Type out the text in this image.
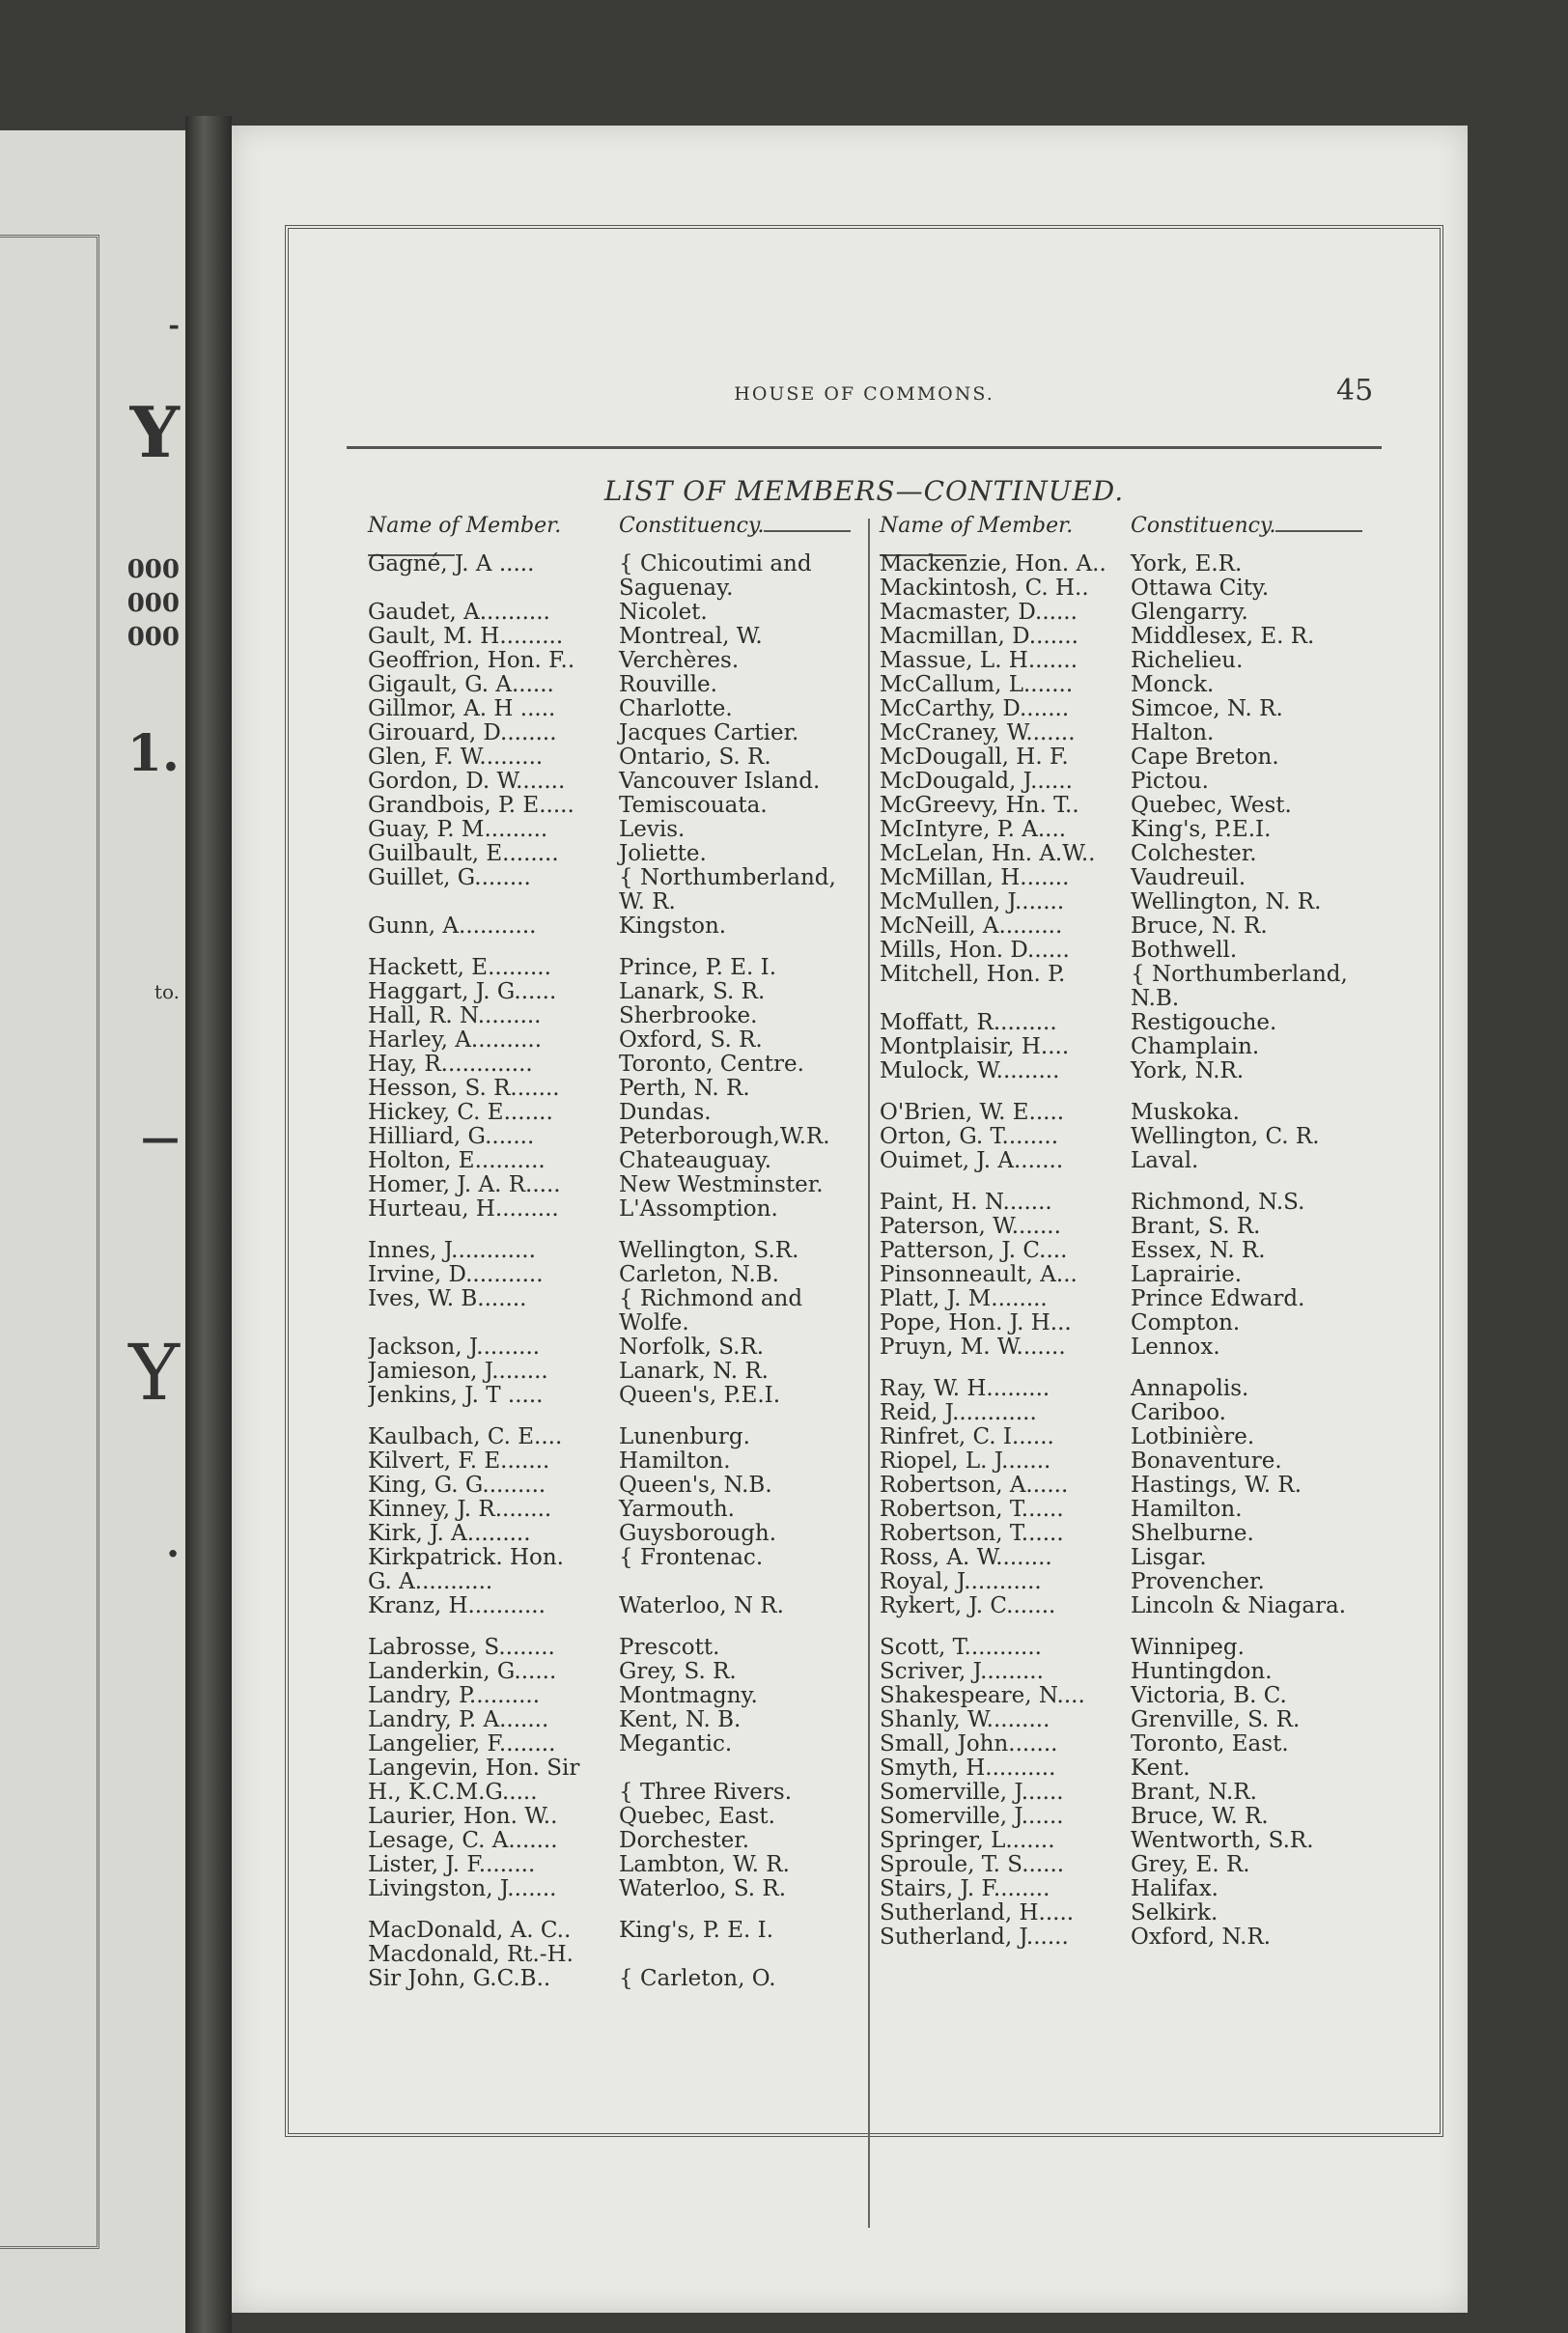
-
Y
000
000
000
1.
to.
—
Y
.
HOUSE OF COMMONS.	45
LIST OF MEMBERS—CONTINUED.
Name of Member.	Constituency.
Gagné, J. A .....	{ Chicoutimi and
Saguenay.
Gaudet, A..........	Nicolet.
Gault, M. H.........	Montreal, W.
Geoffrion, Hon. F..	Verchères.
Gigault, G. A......	Rouville.
Gillmor, A. H .....	Charlotte.
Girouard, D........	Jacques Cartier.
Glen, F. W.........	Ontario, S. R.
Gordon, D. W.......	Vancouver Island.
Grandbois, P. E.....	Temiscouata.
Guay, P. M.........	Levis.
Guilbault, E........	Joliette.
Guillet, G........	{ Northumberland,
W. R.
Gunn, A...........	Kingston.
Hackett, E.........	Prince, P. E. I.
Haggart, J. G......	Lanark, S. R.
Hall, R. N.........	Sherbrooke.
Harley, A..........	Oxford, S. R.
Hay, R.............	Toronto, Centre.
Hesson, S. R.......	Perth, N. R.
Hickey, C. E.......	Dundas.
Hilliard, G.......	Peterborough,W.R.
Holton, E..........	Chateauguay.
Homer, J. A. R.....	New Westminster.
Hurteau, H.........	L'Assomption.
Innes, J............	Wellington, S.R.
Irvine, D...........	Carleton, N.B.
Ives, W. B.......	{ Richmond and
Wolfe.
Jackson, J.........	Norfolk, S.R.
Jamieson, J........	Lanark, N. R.
Jenkins, J. T .....	Queen's, P.E.I.
Kaulbach, C. E....	Lunenburg.
Kilvert, F. E.......	Hamilton.
King, G. G.........	Queen's, N.B.
Kinney, J. R........	Yarmouth.
Kirk, J. A.........	Guysborough.
Kirkpatrick. Hon.	{ Frontenac.
G. A...........
Kranz, H...........	Waterloo, N R.
Labrosse, S........	Prescott.
Landerkin, G......	Grey, S. R.
Landry, P..........	Montmagny.
Landry, P. A.......	Kent, N. B.
Langelier, F........	Megantic.
Langevin, Hon. Sir
H., K.C.M.G.....	{ Three Rivers.
Laurier, Hon. W..	Quebec, East.
Lesage, C. A.......	Dorchester.
Lister, J. F........	Lambton, W. R.
Livingston, J.......	Waterloo, S. R.
MacDonald, A. C..	King's, P. E. I.
Macdonald, Rt.-H.
Sir John, G.C.B..	{ Carleton, O.
Name of Member.	Constituency.
Mackenzie, Hon. A..	York, E.R.
Mackintosh, C. H..	Ottawa City.
Macmaster, D......	Glengarry.
Macmillan, D.......	Middlesex, E. R.
Massue, L. H.......	Richelieu.
McCallum, L.......	Monck.
McCarthy, D.......	Simcoe, N. R.
McCraney, W.......	Halton.
McDougall, H. F.	Cape Breton.
McDougald, J......	Pictou.
McGreevy, Hn. T..	Quebec, West.
McIntyre, P. A....	King's, P.E.I.
McLelan, Hn. A.W..	Colchester.
McMillan, H.......	Vaudreuil.
McMullen, J.......	Wellington, N. R.
McNeill, A.........	Bruce, N. R.
Mills, Hon. D......	Bothwell.
Mitchell, Hon. P.	{ Northumberland,
N.B.
Moffatt, R.........	Restigouche.
Montplaisir, H....	Champlain.
Mulock, W.........	York, N.R.
O'Brien, W. E.....	Muskoka.
Orton, G. T........	Wellington, C. R.
Ouimet, J. A.......	Laval.
Paint, H. N.......	Richmond, N.S.
Paterson, W.......	Brant, S. R.
Patterson, J. C....	Essex, N. R.
Pinsonneault, A...	Laprairie.
Platt, J. M........	Prince Edward.
Pope, Hon. J. H...	Compton.
Pruyn, M. W.......	Lennox.
Ray, W. H.........	Annapolis.
Reid, J............	Cariboo.
Rinfret, C. I......	Lotbinière.
Riopel, L. J.......	Bonaventure.
Robertson, A......	Hastings, W. R.
Robertson, T......	Hamilton.
Robertson, T......	Shelburne.
Ross, A. W........	Lisgar.
Royal, J...........	Provencher.
Rykert, J. C.......	Lincoln & Niagara.
Scott, T...........	Winnipeg.
Scriver, J.........	Huntingdon.
Shakespeare, N....	Victoria, B. C.
Shanly, W.........	Grenville, S. R.
Small, John.......	Toronto, East.
Smyth, H..........	Kent.
Somerville, J......	Brant, N.R.
Somerville, J......	Bruce, W. R.
Springer, L.......	Wentworth, S.R.
Sproule, T. S......	Grey, E. R.
Stairs, J. F........	Halifax.
Sutherland, H.....	Selkirk.
Sutherland, J......	Oxford, N.R.
